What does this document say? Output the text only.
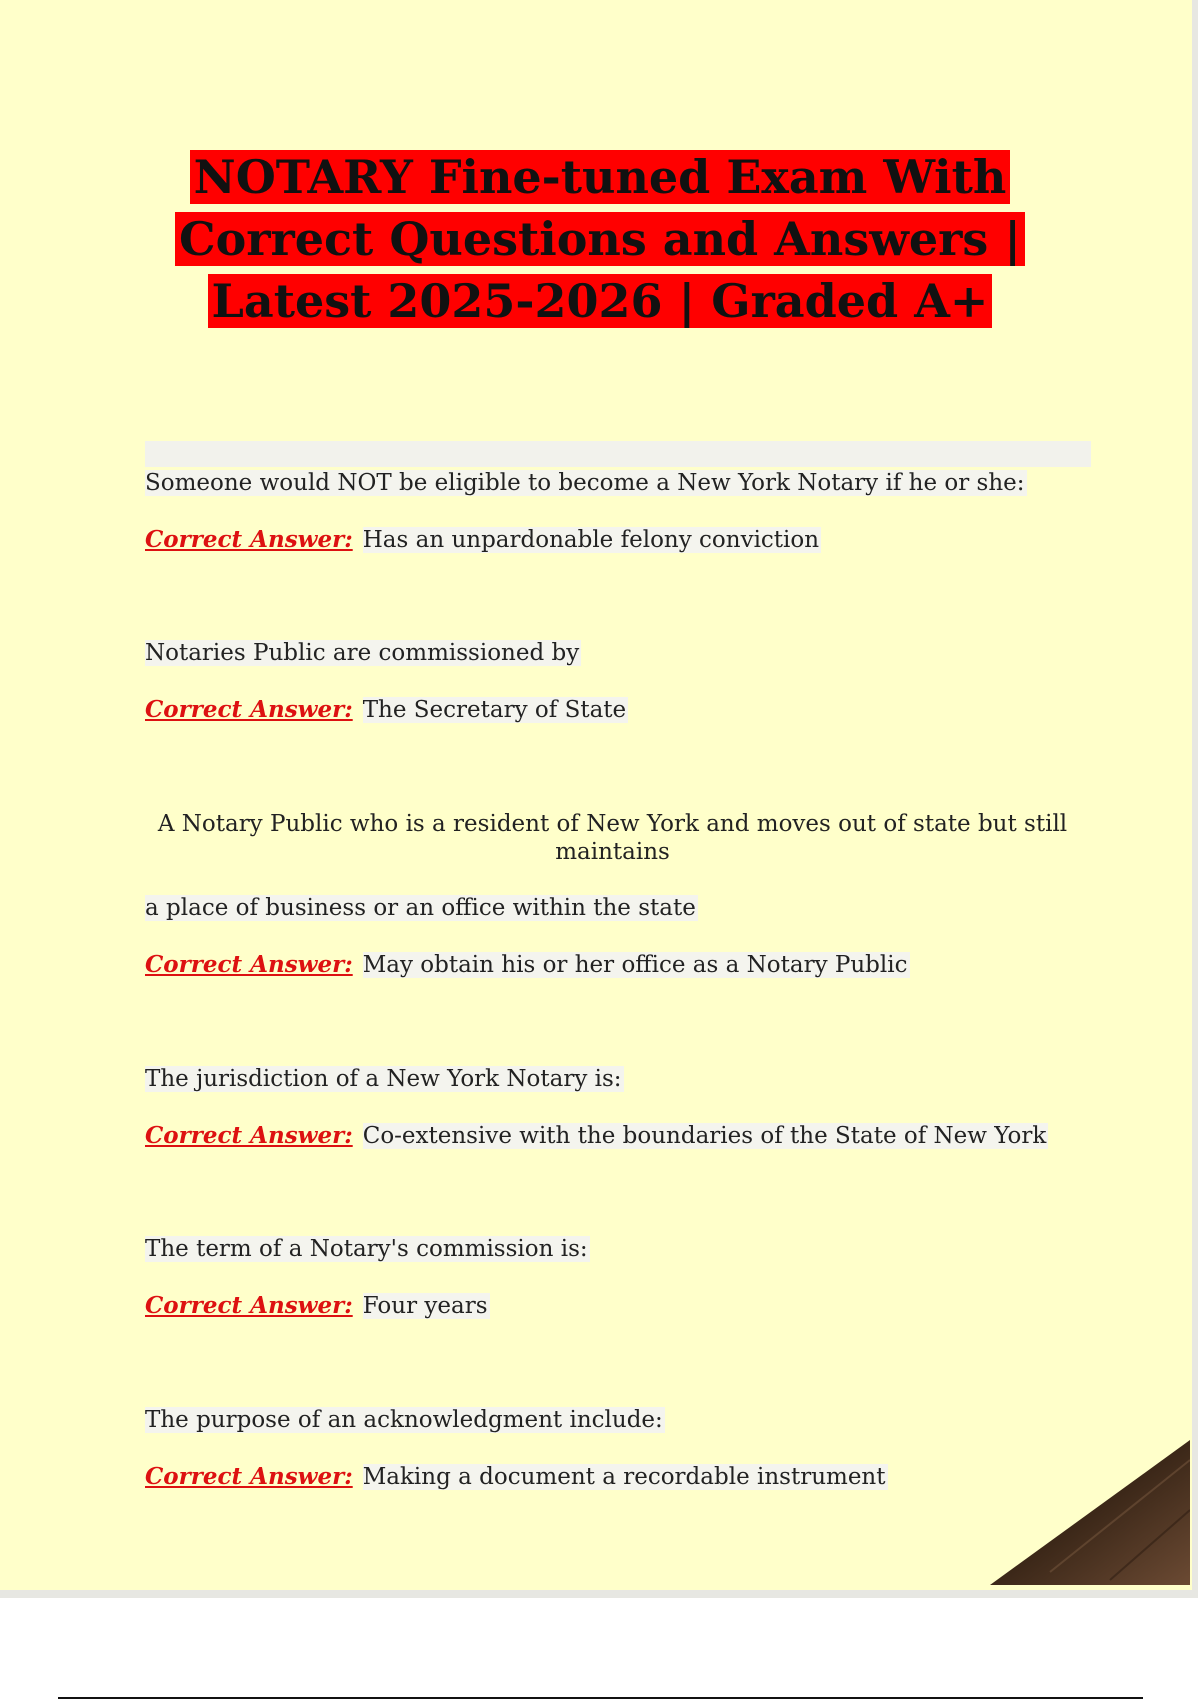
NOTARY Fine-tuned Exam With
Correct Questions and Answers |
Latest 2025-2026 | Graded A+
Someone would NOT be eligible to become a New York Notary if he or she:
Correct Answer: Has an unpardonable felony conviction
Notaries Public are commissioned by
Correct Answer: The Secretary of State
A Notary Public who is a resident of New York and moves out of state but still
maintains
a place of business or an office within the state
Correct Answer: May obtain his or her office as a Notary Public
The jurisdiction of a New York Notary is:
Correct Answer: Co-extensive with the boundaries of the State of New York
The term of a Notary's commission is:
Correct Answer: Four years
The purpose of an acknowledgment include:
Correct Answer: Making a document a recordable instrument
